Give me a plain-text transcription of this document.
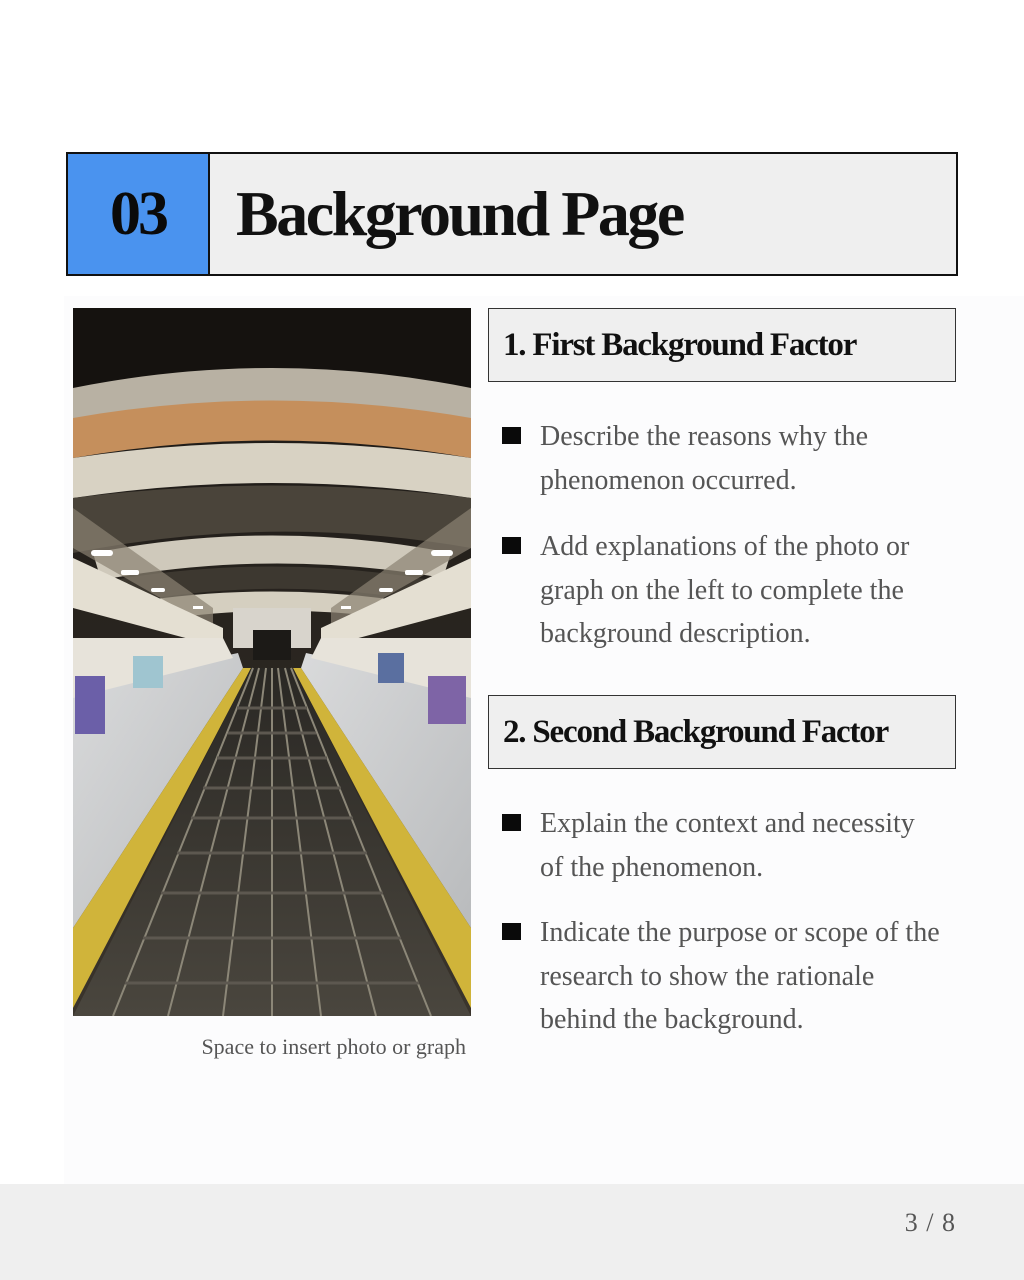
03	Background Page
Space to insert photo or graph
1. First Background Factor
Describe the reasons why the phenomenon occurred.
Add explanations of the photo or graph on the left to complete the background description.
2. Second Background Factor
Explain the context and necessity of the phenomenon.
Indicate the purpose or scope of the research to show the rationale behind the background.
3 / 8
